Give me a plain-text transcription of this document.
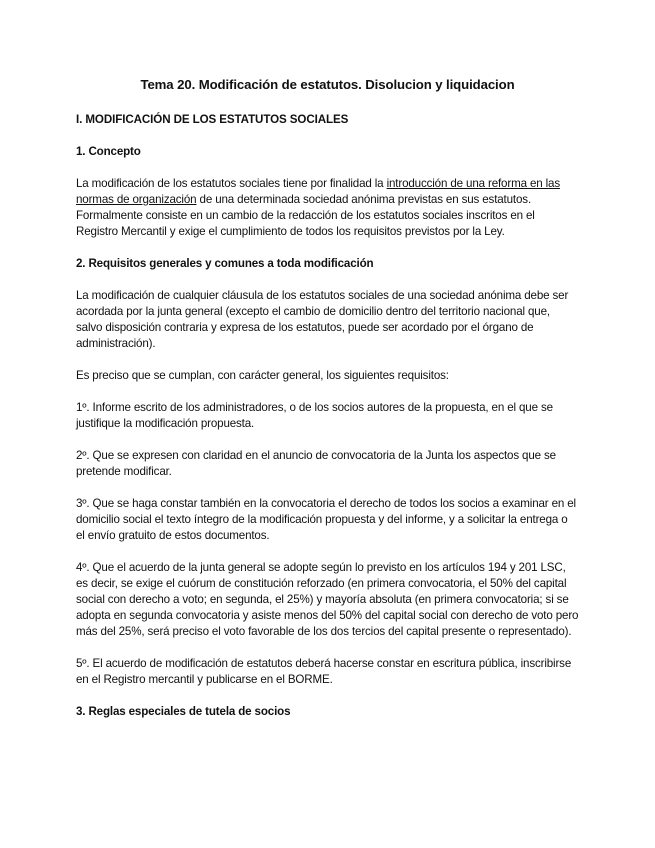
Tema 20. Modificación de estatutos. Disolucion y liquidacion
I. MODIFICACIÓN DE LOS ESTATUTOS SOCIALES
1. Concepto

La modificación de los estatutos sociales tiene por finalidad la introducción de una reforma en las normas de organización de una determinada sociedad anónima previstas en sus estatutos. Formalmente consiste en un cambio de la redacción de los estatutos sociales inscritos en el Registro Mercantil y exige el cumplimiento de todos los requisitos previstos por la Ley.

2. Requisitos generales y comunes a toda modificación

La modificación de cualquier cláusula de los estatutos sociales de una sociedad anónima debe ser acordada por la junta general (excepto el cambio de domicilio dentro del territorio nacional que, salvo disposición contraria y expresa de los estatutos, puede ser acordado por el órgano de administración).

Es preciso que se cumplan, con carácter general, los siguientes requisitos:

1º. Informe escrito de los administradores, o de los socios autores de la propuesta, en el que se justifique la modificación propuesta.

2º. Que se expresen con claridad en el anuncio de convocatoria de la Junta los aspectos que se pretende modificar.

3º. Que se haga constar también en la convocatoria el derecho de todos los socios a examinar en el domicilio social el texto íntegro de la modificación propuesta y del informe, y a solicitar la entrega o el envío gratuito de estos documentos.

4º. Que el acuerdo de la junta general se adopte según lo previsto en los artículos 194 y 201 LSC, es decir, se exige el cuórum de constitución reforzado (en primera convocatoria, el 50% del capital social con derecho a voto; en segunda, el 25%) y mayoría absoluta (en primera convocatoria; si se adopta en segunda convocatoria y asiste menos del 50% del capital social con derecho de voto pero más del 25%, será preciso el voto favorable de los dos tercios del capital presente o representado).

5º. El acuerdo de modificación de estatutos deberá hacerse constar en escritura pública, inscribirse en el Registro mercantil y publicarse en el BORME.

3. Reglas especiales de tutela de socios
